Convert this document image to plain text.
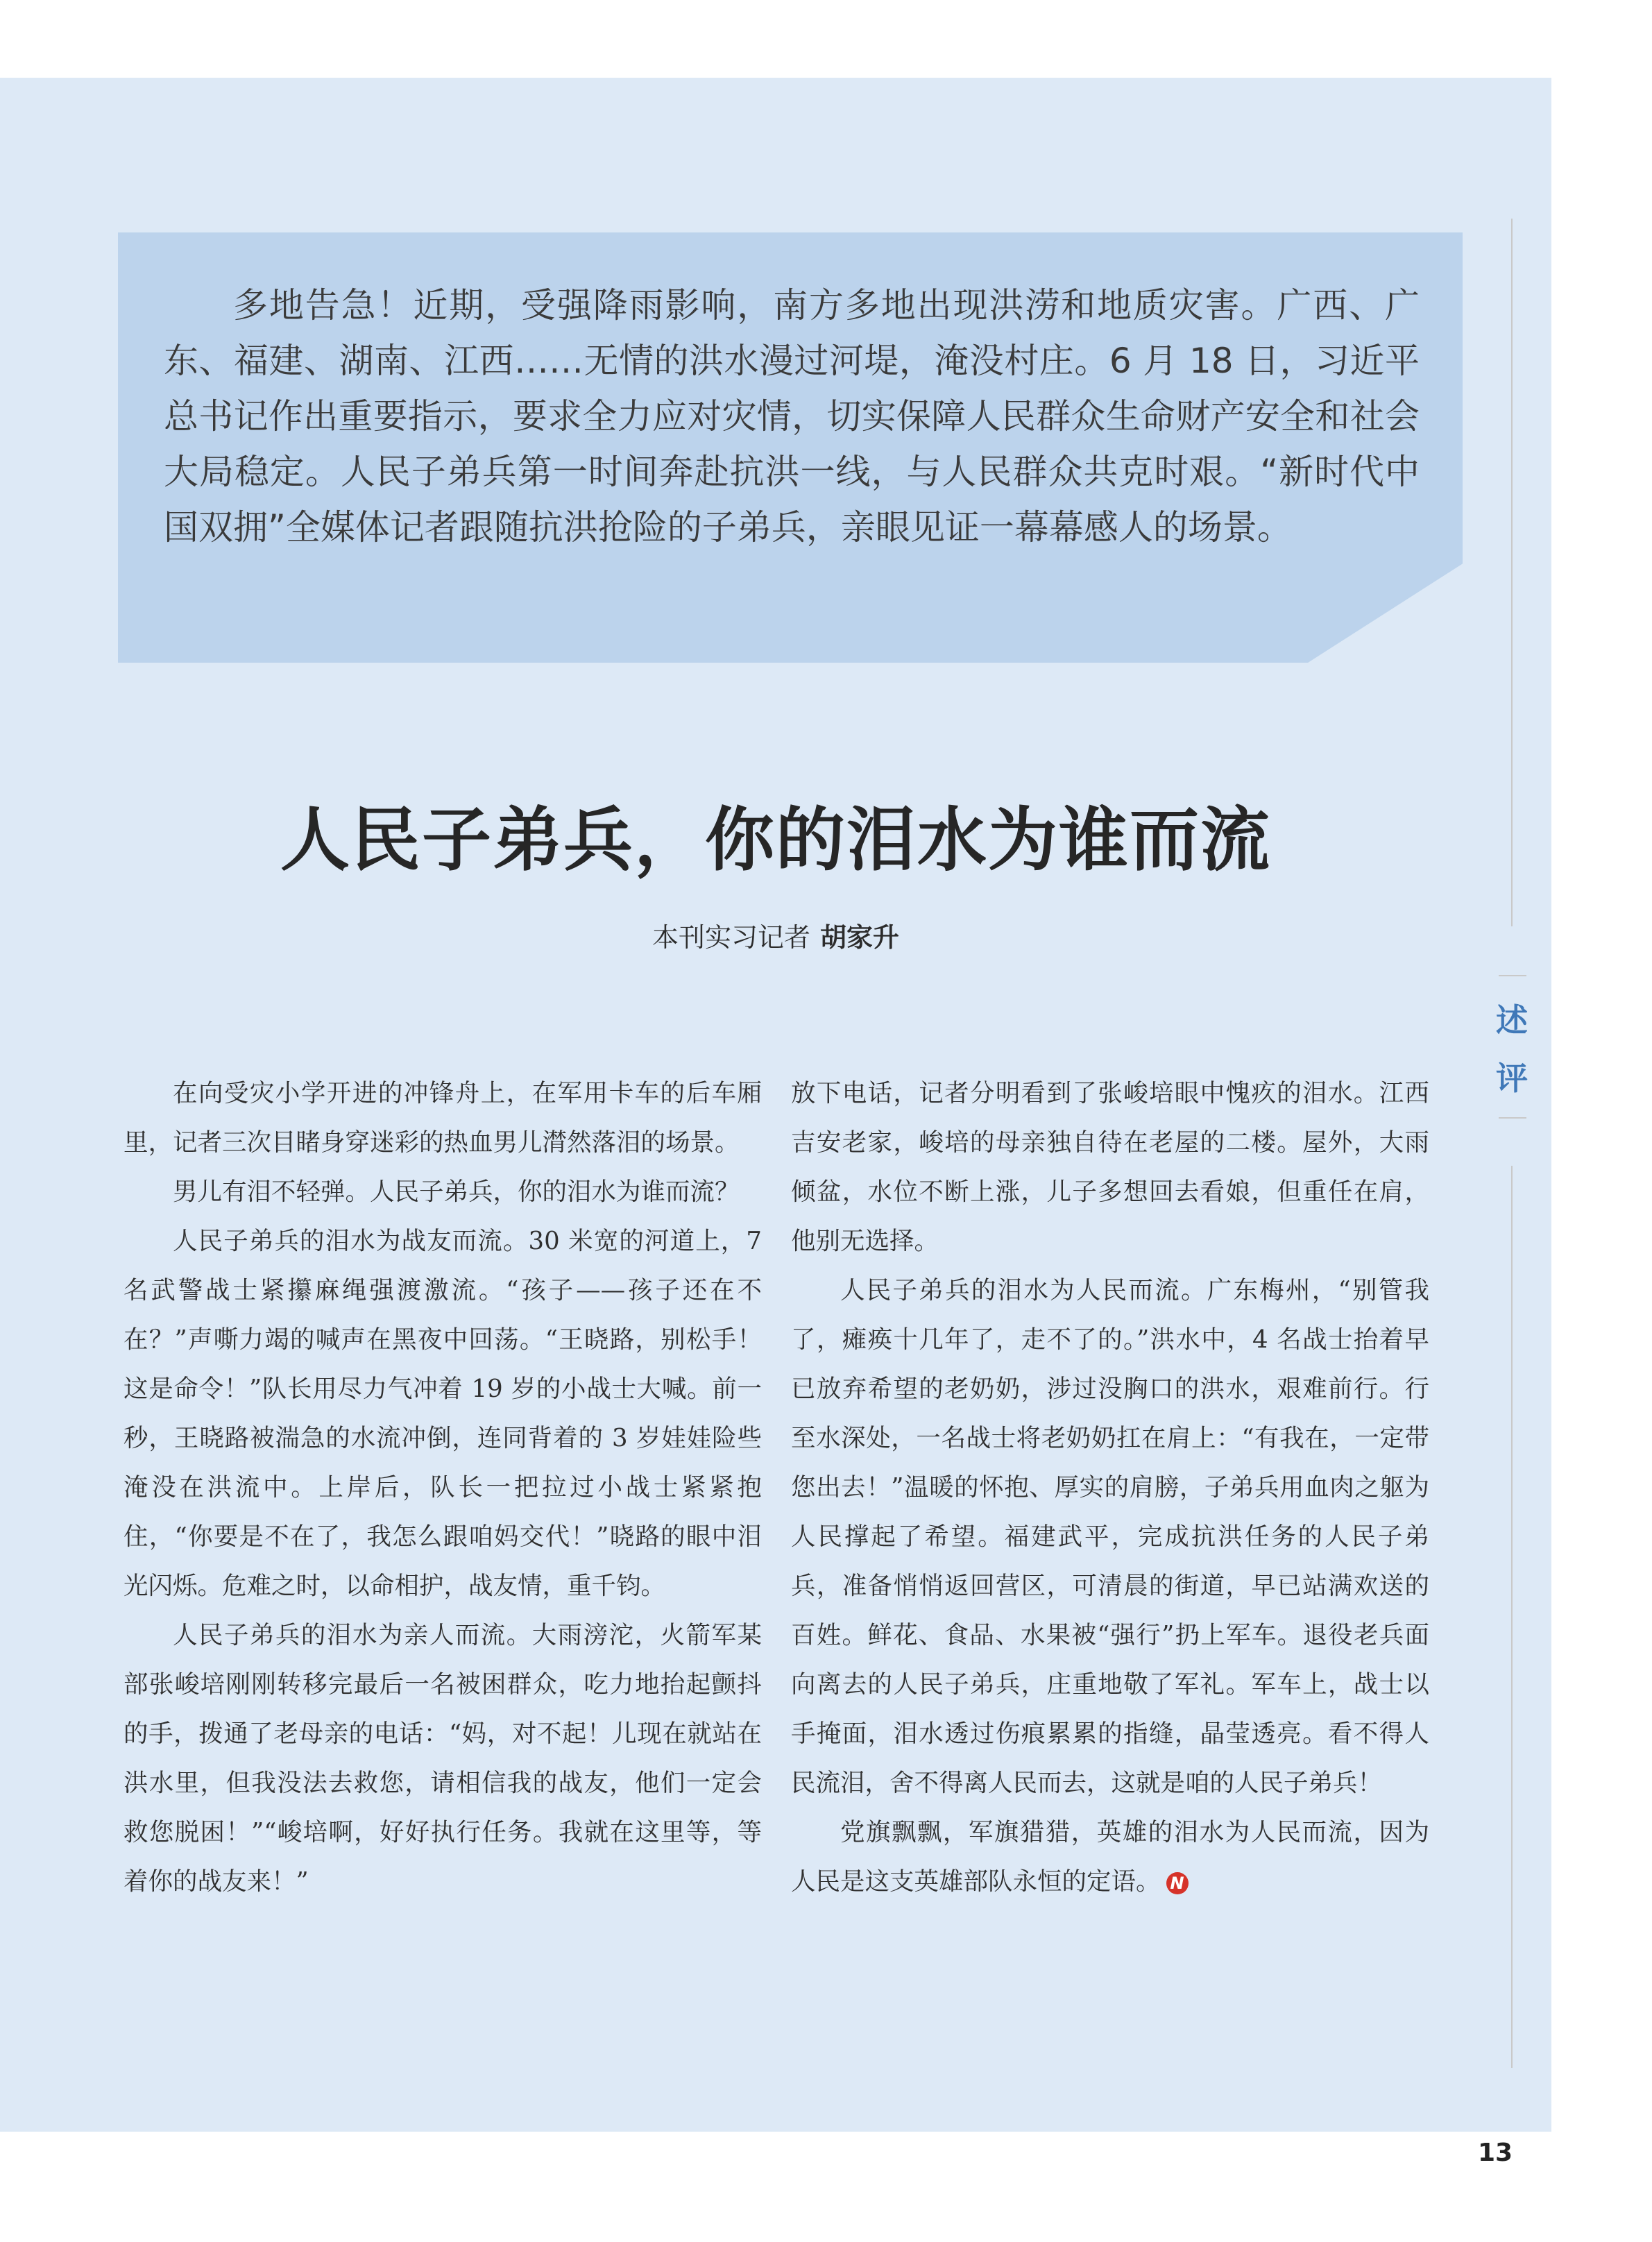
多地告急！近期，受强降雨影响，南方多地出现洪涝和地质灾害。广西、广东、福建、湖南、江西……无情的洪水漫过河堤，淹没村庄。6 月 18 日，习近平总书记作出重要指示，要求全力应对灾情，切实保障人民群众生命财产安全和社会大局稳定。人民子弟兵第一时间奔赴抗洪一线，与人民群众共克时艰。“新时代中国双拥”全媒体记者跟随抗洪抢险的子弟兵，亲眼见证一幕幕感人的场景。

人民子弟兵，你的泪水为谁而流
本刊实习记者 胡家升

在向受灾小学开进的冲锋舟上，在军用卡车的后车厢里，记者三次目睹身穿迷彩的热血男儿潸然落泪的场景。

男儿有泪不轻弹。人民子弟兵，你的泪水为谁而流？

人民子弟兵的泪水为战友而流。30 米宽的河道上，7 名武警战士紧攥麻绳强渡激流。“孩子——孩子还在不在？”声嘶力竭的喊声在黑夜中回荡。“王晓路，别松手！这是命令！”队长用尽力气冲着 19 岁的小战士大喊。前一秒，王晓路被湍急的水流冲倒，连同背着的 3 岁娃娃险些淹没在洪流中。上岸后，队长一把拉过小战士紧紧抱住，“你要是不在了，我怎么跟咱妈交代！”晓路的眼中泪光闪烁。危难之时，以命相护，战友情，重千钧。

人民子弟兵的泪水为亲人而流。大雨滂沱，火箭军某部张峻培刚刚转移完最后一名被困群众，吃力地抬起颤抖的手，拨通了老母亲的电话：“妈，对不起！儿现在就站在洪水里，但我没法去救您，请相信我的战友，他们一定会救您脱困！”“峻培啊，好好执行任务。我就在这里等，等着你的战友来！”

放下电话，记者分明看到了张峻培眼中愧疚的泪水。江西吉安老家，峻培的母亲独自待在老屋的二楼。屋外，大雨倾盆，水位不断上涨，儿子多想回去看娘，但重任在肩，他别无选择。

人民子弟兵的泪水为人民而流。广东梅州，“别管我了，瘫痪十几年了，走不了的。”洪水中，4 名战士抬着早已放弃希望的老奶奶，涉过没胸口的洪水，艰难前行。行至水深处，一名战士将老奶奶扛在肩上：“有我在，一定带您出去！”温暖的怀抱、厚实的肩膀，子弟兵用血肉之躯为人民撑起了希望。福建武平，完成抗洪任务的人民子弟兵，准备悄悄返回营区，可清晨的街道，早已站满欢送的百姓。鲜花、食品、水果被“强行”扔上军车。退役老兵面向离去的人民子弟兵，庄重地敬了军礼。军车上，战士以手掩面，泪水透过伤痕累累的指缝，晶莹透亮。看不得人民流泪，舍不得离人民而去，这就是咱的人民子弟兵！

党旗飘飘，军旗猎猎，英雄的泪水为人民而流，因为人民是这支英雄部队永恒的定语。 N

述评
13
